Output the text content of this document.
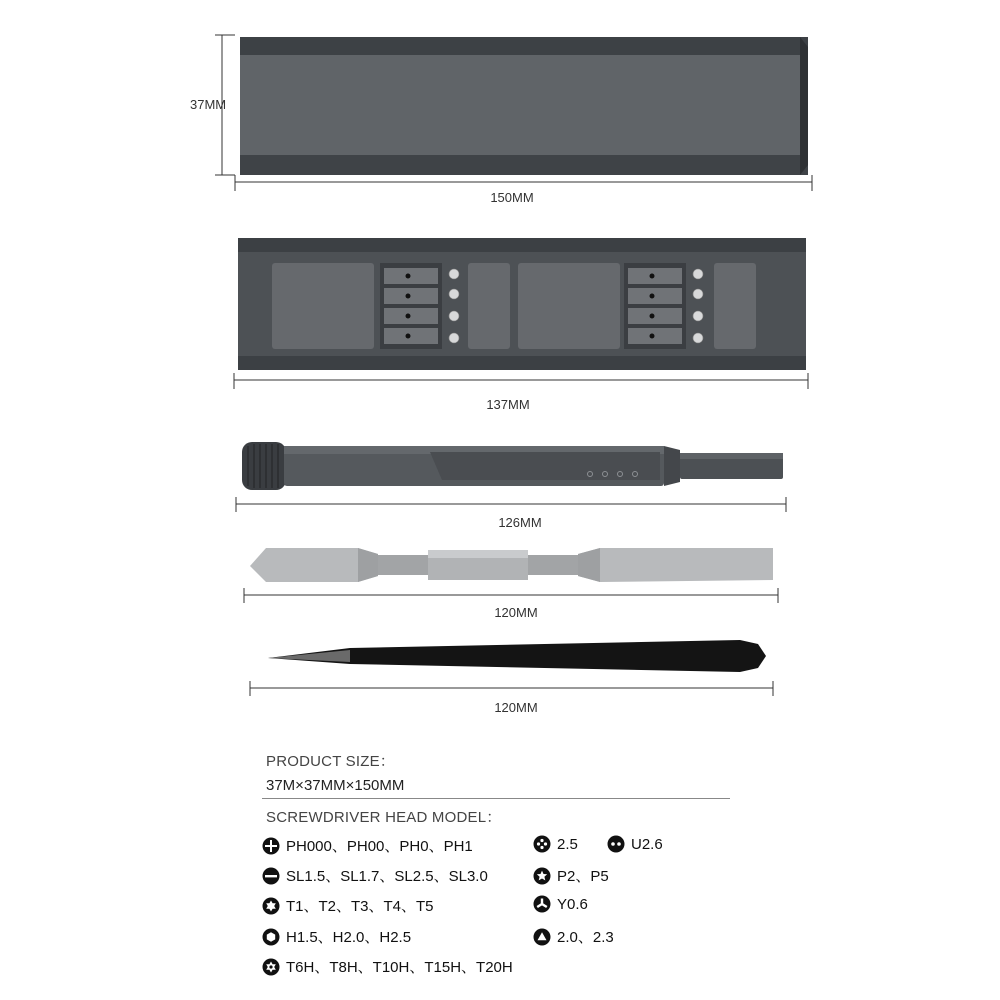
37MM
150MM
137MM
126MM
120MM
120MM
PRODUCT SIZE：
37M×37MM×150MM
SCREWDRIVER HEAD MODEL：
PH000、PH00、PH0、PH1
SL1.5、SL1.7、SL2.5、SL3.0
T1、T2、T3、T4、T5
H1.5、H2.0、H2.5
T6H、T8H、T10H、T15H、T20H
2.5	U2.6
P2、P5
Y0.6
2.0、2.3
